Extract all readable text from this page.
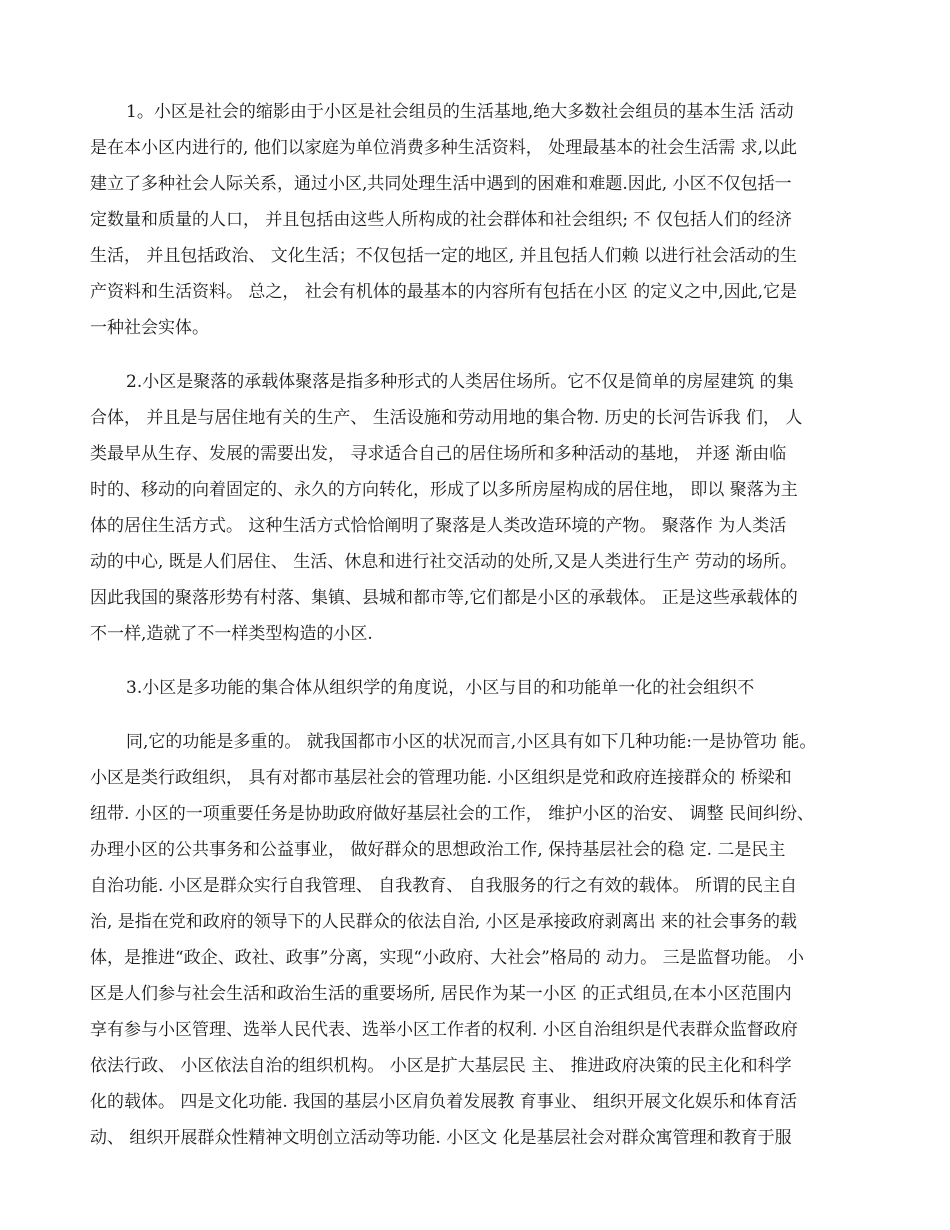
1。小区是社会的缩影由于小区是社会组员的生活基地,绝大多数社会组员的基本生活 活动
是在本小区内进行的, 他们以家庭为单位消费多种生活资料， 处理最基本的社会生活需 求,以此
建立了多种社会人际关系，通过小区,共同处理生活中遇到的困难和难题.因此, 小区不仅包括一
定数量和质量的人口， 并且包括由这些人所构成的社会群体和社会组织; 不 仅包括人们的经济
生活， 并且包括政治、 文化生活；不仅包括一定的地区, 并且包括人们赖 以进行社会活动的生
产资料和生活资料。 总之， 社会有机体的最基本的内容所有包括在小区 的定义之中,因此,它是
一种社会实体。
2.小区是聚落的承载体聚落是指多种形式的人类居住场所。它不仅是简单的房屋建筑 的集
合体， 并且是与居住地有关的生产、 生活设施和劳动用地的集合物. 历史的长河告诉我 们， 人
类最早从生存、发展的需要出发， 寻求适合自己的居住场所和多种活动的基地， 并逐 渐由临
时的、移动的向着固定的、永久的方向转化，形成了以多所房屋构成的居住地， 即以 聚落为主
体的居住生活方式。 这种生活方式恰恰阐明了聚落是人类改造环境的产物。 聚落作 为人类活
动的中心, 既是人们居住、 生活、休息和进行社交活动的处所,又是人类进行生产 劳动的场所。
因此我国的聚落形势有村落、集镇、县城和都市等,它们都是小区的承载体。 正是这些承载体的
不一样,造就了不一样类型构造的小区.
3.小区是多功能的集合体从组织学的角度说，小区与目的和功能单一化的社会组织不
同,它的功能是多重的。 就我国都市小区的状况而言,小区具有如下几种功能:一是协管功 能。
小区是类行政组织， 具有对都市基层社会的管理功能. 小区组织是党和政府连接群众的 桥梁和
纽带. 小区的一项重要任务是协助政府做好基层社会的工作， 维护小区的治安、 调整 民间纠纷、
办理小区的公共事务和公益事业， 做好群众的思想政治工作, 保持基层社会的稳 定. 二是民主
自治功能. 小区是群众实行自我管理、 自我教育、 自我服务的行之有效的载体。 所谓的民主自
治, 是指在党和政府的领导下的人民群众的依法自治, 小区是承接政府剥离出 来的社会事务的载
体，是推进“政企、政社、政事”分离，实现“小政府、大社会”格局的 动力。 三是监督功能。 小
区是人们参与社会生活和政治生活的重要场所, 居民作为某一小区 的正式组员,在本小区范围内
享有参与小区管理、选举人民代表、选举小区工作者的权利. 小区自治组织是代表群众监督政府
依法行政、 小区依法自治的组织机构。 小区是扩大基层民 主、 推进政府决策的民主化和科学
化的载体。 四是文化功能. 我国的基层小区肩负着发展教 育事业、 组织开展文化娱乐和体育活
动、 组织开展群众性精神文明创立活动等功能. 小区文 化是基层社会对群众寓管理和教育于服
